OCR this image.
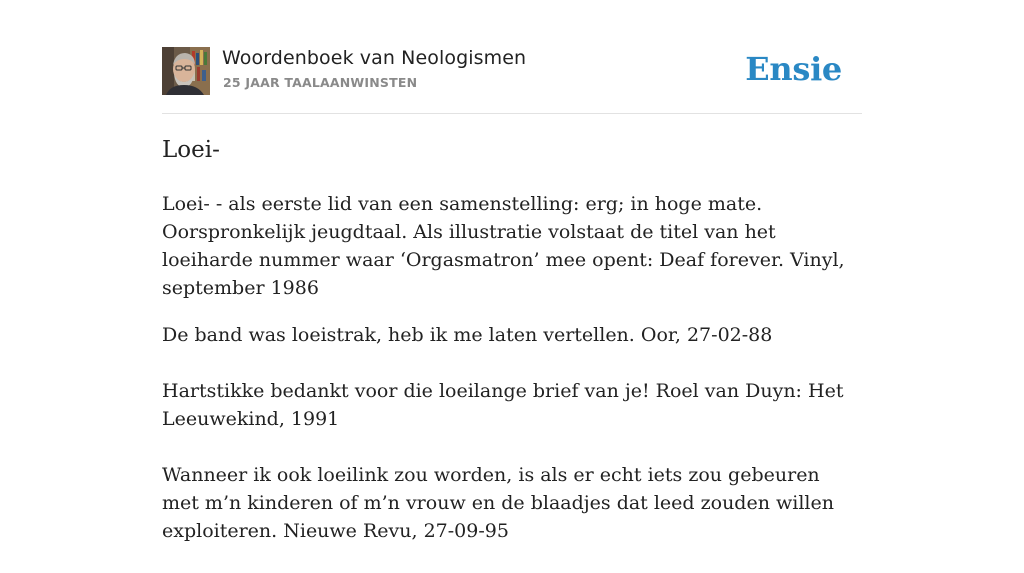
Woordenboek van Neologismen
25 JAAR TAALAANWINSTEN	Ensie
Loei-

Loei- - als eerste lid van een samenstelling: erg; in hoge mate. Oorspronkelijk jeugdtaal. Als illustratie volstaat de titel van het loeiharde nummer waar ‘Orgasmatron’ mee opent: Deaf forever. Vinyl, september 1986

De band was loeistrak, heb ik me laten vertellen. Oor, 27-02-88

Hartstikke bedankt voor die loeilange brief van je! Roel van Duyn: Het Leeuwekind, 1991

Wanneer ik ook loeilink zou worden, is als er echt iets zou gebeuren met m’n kinderen of m’n vrouw en de blaadjes dat leed zouden willen exploiteren. Nieuwe Revu, 27-09-95
